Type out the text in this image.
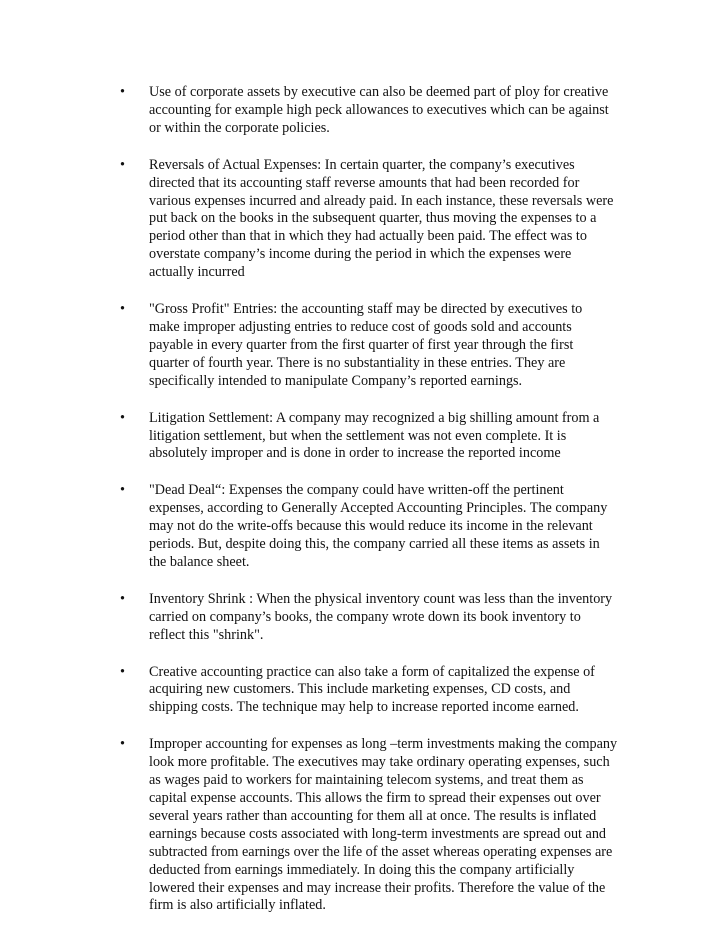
• Use of corporate assets by executive can also be deemed part of ploy for creative
accounting for example high peck allowances to executives which can be against
or within the corporate policies.
• Reversals of Actual Expenses: In certain quarter, the company’s executives
directed that its accounting staff reverse amounts that had been recorded for
various expenses incurred and already paid. In each instance, these reversals were
put back on the books in the subsequent quarter, thus moving the expenses to a
period other than that in which they had actually been paid. The effect was to
overstate company’s income during the period in which the expenses were
actually incurred
• "Gross Profit" Entries: the accounting staff may be directed by executives to
make improper adjusting entries to reduce cost of goods sold and accounts
payable in every quarter from the first quarter of first year through the first
quarter of fourth year. There is no substantiality in these entries. They are
specifically intended to manipulate Company’s reported earnings.
• Litigation Settlement: A company may recognized a big shilling amount from a
litigation settlement, but when the settlement was not even complete. It is
absolutely improper and is done in order to increase the reported income
• "Dead Deal“: Expenses the company could have written-off the pertinent
expenses, according to Generally Accepted Accounting Principles. The company
may not do the write-offs because this would reduce its income in the relevant
periods. But, despite doing this, the company carried all these items as assets in
the balance sheet.
• Inventory Shrink : When the physical inventory count was less than the inventory
carried on company’s books, the company wrote down its book inventory to
reflect this "shrink".
• Creative accounting practice can also take a form of capitalized the expense of
acquiring new customers. This include marketing expenses, CD costs, and
shipping costs. The technique may help to increase reported income earned.
• Improper accounting for expenses as long –term investments making the company
look more profitable. The executives may take ordinary operating expenses, such
as wages paid to workers for maintaining telecom systems, and treat them as
capital expense accounts. This allows the firm to spread their expenses out over
several years rather than accounting for them all at once. The results is inflated
earnings because costs associated with long-term investments are spread out and
subtracted from earnings over the life of the asset whereas operating expenses are
deducted from earnings immediately. In doing this the company artificially
lowered their expenses and may increase their profits. Therefore the value of the
firm is also artificially inflated.
